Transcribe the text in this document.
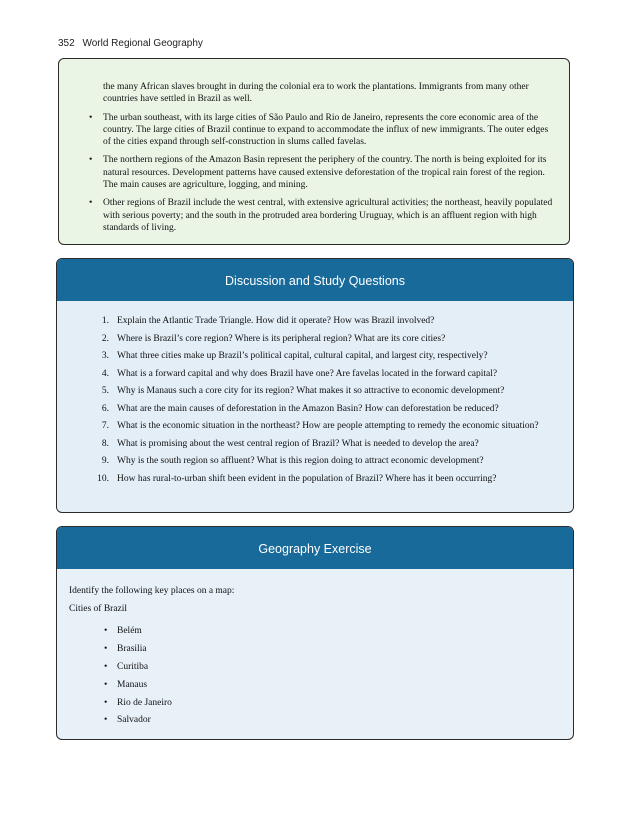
352 World Regional Geography

the many African slaves brought in during the colonial era to work the plantations. Immigrants from many other countries have settled in Brazil as well.

• The urban southeast, with its large cities of São Paulo and Rio de Janeiro, represents the core economic area of the country. The large cities of Brazil continue to expand to accommodate the influx of new immigrants. The outer edges of the cities expand through self-construction in slums called favelas.
• The northern regions of the Amazon Basin represent the periphery of the country. The north is being exploited for its natural resources. Development patterns have caused extensive deforestation of the tropical rain forest of the region. The main causes are agriculture, logging, and mining.
• Other regions of Brazil include the west central, with extensive agricultural activities; the northeast, heavily populated with serious poverty; and the south in the protruded area bordering Uruguay, which is an affluent region with high standards of living.
Discussion and Study Questions
1. Explain the Atlantic Trade Triangle. How did it operate? How was Brazil involved?
2. Where is Brazil’s core region? Where is its peripheral region? What are its core cities?
3. What three cities make up Brazil’s political capital, cultural capital, and largest city, respectively?
4. What is a forward capital and why does Brazil have one? Are favelas located in the forward capital?
5. Why is Manaus such a core city for its region? What makes it so attractive to economic development?
6. What are the main causes of deforestation in the Amazon Basin? How can deforestation be reduced?
7. What is the economic situation in the northeast? How are people attempting to remedy the economic situation?
8. What is promising about the west central region of Brazil? What is needed to develop the area?
9. Why is the south region so affluent? What is this region doing to attract economic development?
10. How has rural-to-urban shift been evident in the population of Brazil? Where has it been occurring?
Geography Exercise

Identify the following key places on a map:

Cities of Brazil

• Belém
• Brasilia
• Curitiba
• Manaus
• Rio de Janeiro
• Salvador
